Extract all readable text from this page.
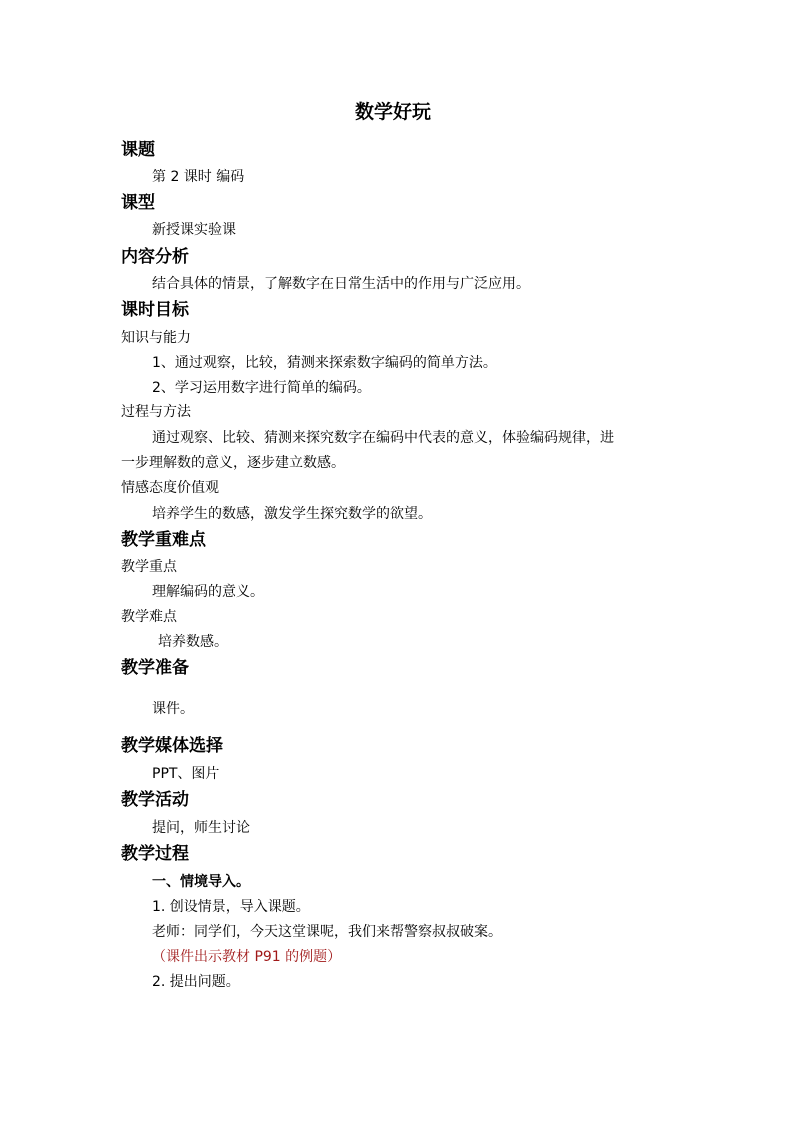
数学好玩
课题
第 2 课时 编码
课型
新授课实验课
内容分析
结合具体的情景，了解数字在日常生活中的作用与广泛应用。
课时目标
知识与能力
1、通过观察，比较，猜测来探索数字编码的简单方法。
2、学习运用数字进行简单的编码。
过程与方法
通过观察、比较、猜测来探究数字在编码中代表的意义，体验编码规律，进
一步理解数的意义，逐步建立数感。
情感态度价值观
培养学生的数感，激发学生探究数学的欲望。
教学重难点
教学重点
理解编码的意义。
教学难点
培养数感。
教学准备
课件。
教学媒体选择
PPT、图片
教学活动
提问，师生讨论
教学过程
一、情境导入。
1. 创设情景，导入课题。
老师：同学们，今天这堂课呢，我们来帮警察叔叔破案。
（课件出示教材 P91 的例题）
2. 提出问题。
